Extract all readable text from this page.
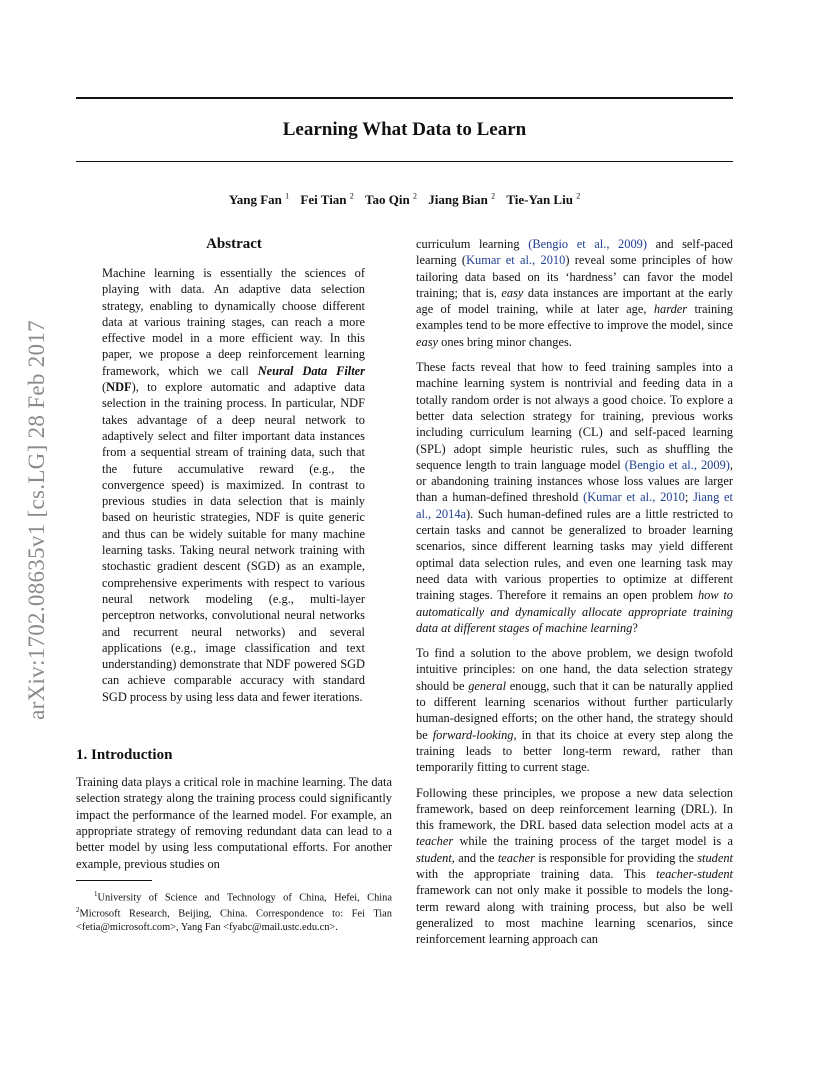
Learning What Data to Learn
Yang Fan $^1$ Fei Tian $^2$ Tao Qin $^2$ Jiang Bian $^2$ Tie-Yan Liu $^2$
arXiv:1702.08635v1 [cs.LG] 28 Feb 2017
Abstract

Machine learning is essentially the sciences of playing with data. An adaptive data selection strategy, enabling to dynamically choose different data at various training stages, can reach a more effective model in a more efficient way. In this paper, we propose a deep reinforcement learning framework, which we call Neural Data Filter (NDF), to explore automatic and adaptive data selection in the training process. In particular, NDF takes advantage of a deep neural network to adaptively select and filter important data instances from a sequential stream of training data, such that the future accumulative reward (e.g., the convergence speed) is maximized. In contrast to previous studies in data selection that is mainly based on heuristic strategies, NDF is quite generic and thus can be widely suitable for many machine learning tasks. Taking neural network training with stochastic gradient descent (SGD) as an example, comprehensive experiments with respect to various neural network modeling (e.g., multi-layer perceptron networks, convolutional neural networks and recurrent neural networks) and several applications (e.g., image classification and text understanding) demonstrate that NDF powered SGD can achieve comparable accuracy with standard SGD process by using less data and fewer iterations.

1. Introduction

Training data plays a critical role in machine learning. The data selection strategy along the training process could significantly impact the performance of the learned model. For example, an appropriate strategy of removing redundant data can lead to a better model by using less computational efforts. For another example, previous studies on

$^1$University of Science and Technology of China, Hefei, China $^2$Microsoft Research, Beijing, China. Correspondence to: Fei Tian <fetia@microsoft.com>, Yang Fan <fyabc@mail.ustc.edu.cn>.

curriculum learning (Bengio et al., 2009) and self-paced learning (Kumar et al., 2010) reveal some principles of how tailoring data based on its ‘hardness’ can favor the model training; that is, easy data instances are important at the early age of model training, while at later age, harder training examples tend to be more effective to improve the model, since easy ones bring minor changes.

These facts reveal that how to feed training samples into a machine learning system is nontrivial and feeding data in a totally random order is not always a good choice. To explore a better data selection strategy for training, previous works including curriculum learning (CL) and self-paced learning (SPL) adopt simple heuristic rules, such as shuffling the sequence length to train language model (Bengio et al., 2009), or abandoning training instances whose loss values are larger than a human-defined threshold (Kumar et al., 2010; Jiang et al., 2014a). Such human-defined rules are a little restricted to certain tasks and cannot be generalized to broader learning scenarios, since different learning tasks may yield different optimal data selection rules, and even one learning task may need data with various properties to optimize at different training stages. Therefore it remains an open problem how to automatically and dynamically allocate appropriate training data at different stages of machine learning?

To find a solution to the above problem, we design twofold intuitive principles: on one hand, the data selection strategy should be general enougg, such that it can be naturally applied to different learning scenarios without further particularly human-designed efforts; on the other hand, the strategy should be forward-looking, in that its choice at every step along the training leads to better long-term reward, rather than temporarily fitting to current stage.

Following these principles, we propose a new data selection framework, based on deep reinforcement learning (DRL). In this framework, the DRL based data selection model acts at a teacher while the training process of the target model is a student, and the teacher is responsible for providing the student with the appropriate training data. This teacher-student framework can not only make it possible to models the long-term reward along with training process, but also be well generalized to most machine learning scenarios, since reinforcement learning approach can
